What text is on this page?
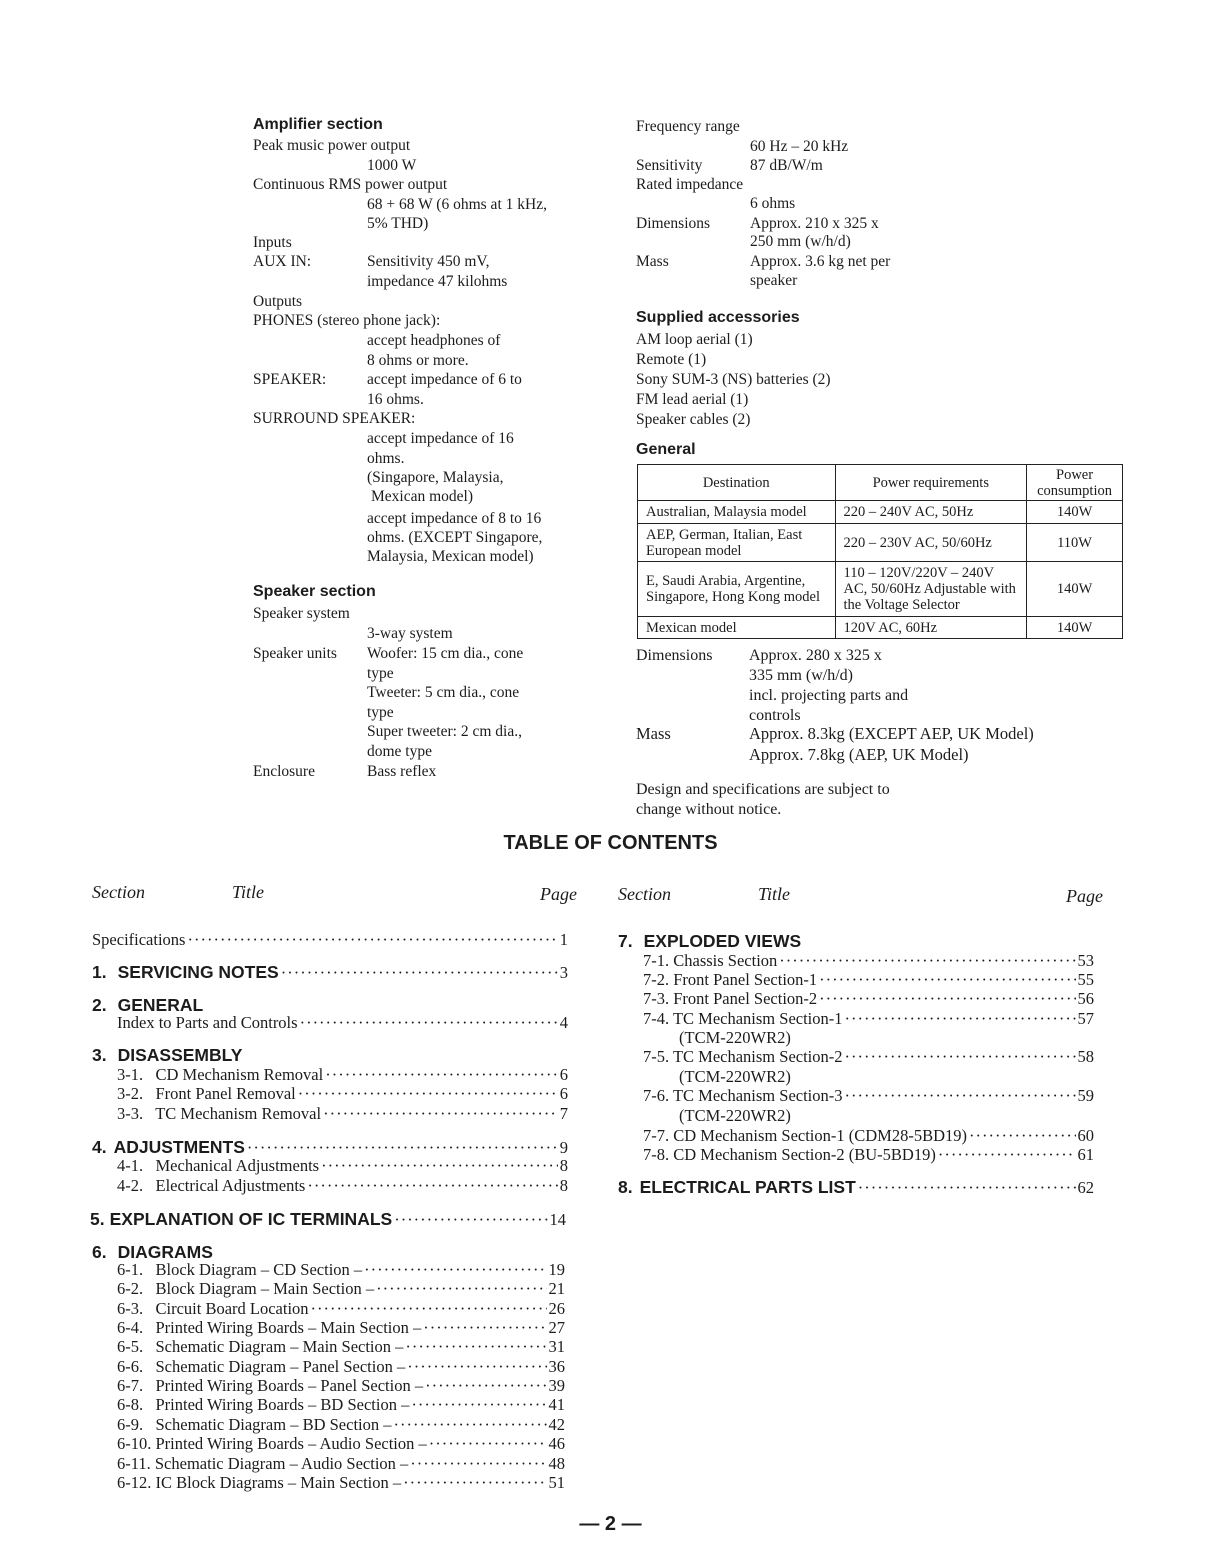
Amplifier section
Peak music power output
1000 W
Continuous RMS power output
68 + 68 W (6 ohms at 1 kHz,
5% THD)
Inputs
AUX IN:	Sensitivity 450 mV,
impedance 47 kilohms
Outputs
PHONES (stereo phone jack):
accept headphones of
8 ohms or more.
SPEAKER:	accept impedance of 6 to
16 ohms.
SURROUND SPEAKER:
accept impedance of 16
ohms.
(Singapore, Malaysia,
Mexican model)
accept impedance of 8 to 16
ohms. (EXCEPT Singapore,
Malaysia, Mexican model)
Speaker section
Speaker system
3-way system
Speaker units Woofer: 15 cm dia., cone
type
Tweeter: 5 cm dia., cone
type
Super tweeter: 2 cm dia.,
dome type
Enclosure	Bass reflex
Frequency range
60 Hz – 20 kHz
Sensitivity	87 dB/W/m
Rated impedance
6 ohms
Dimensions	Approx. 210 x 325 x
250 mm (w/h/d)
Mass	Approx. 3.6 kg net per
speaker
Supplied accessories
AM loop aerial (1)
Remote (1)
Sony SUM-3 (NS) batteries (2)
FM lead aerial (1)
Speaker cables (2)
General
Destination	Power requirements	Power consumption
Australian, Malaysia model	220 – 240V AC, 50Hz	140W
AEP, German, Italian, East European model	220 – 230V AC, 50/60Hz	110W
E, Saudi Arabia, Argentine, Singapore, Hong Kong model	110 – 120V/220V – 240V AC, 50/60Hz Adjustable with the Voltage Selector	140W
Mexican model	120V AC, 60Hz	140W
Dimensions Approx. 280 x 325 x
335 mm (w/h/d)
incl. projecting parts and
controls
Mass	Approx. 8.3kg (EXCEPT AEP, UK Model)
Approx. 7.8kg (AEP, UK Model)
Design and specifications are subject to
change without notice.
TABLE OF CONTENTS
Section	Title	Page Section	Title	Page
Specifications ·····	1
1. SERVICING NOTES ·····	3
2. GENERAL
Index to Parts and Controls ·····	4
3. DISASSEMBLY
3-1.   CD Mechanism Removal ·····	6
3-2.   Front Panel Removal ·····	6
3-3.   TC Mechanism Removal ·····	7
4. ADJUSTMENTS ·····	9
4-1.   Mechanical Adjustments ·····	8
4-2.   Electrical Adjustments ·····	8
5. EXPLANATION OF IC TERMINALS ·····	14
6. DIAGRAMS
6-1.   Block Diagram – CD Section – ·····	19
6-2.   Block Diagram – Main Section – ·····	21
6-3.   Circuit Board Location ·····	26
6-4.   Printed Wiring Boards – Main Section – ·····	27
6-5.   Schematic Diagram – Main Section – ·····	31
6-6.   Schematic Diagram – Panel Section – ·····	36
6-7.   Printed Wiring Boards – Panel Section – ·····	39
6-8.   Printed Wiring Boards – BD Section – ·····	41
6-9.   Schematic Diagram – BD Section – ·····	42
6-10. Printed Wiring Boards – Audio Section – ·····	46
6-11. Schematic Diagram – Audio Section – ·····	48
6-12. IC Block Diagrams – Main Section – ·····	51
7. EXPLODED VIEWS
7-1. Chassis Section ·····	53
7-2. Front Panel Section-1 ·····	55
7-3. Front Panel Section-2 ·····	56
7-4. TC Mechanism Section-1 ·····	57
(TCM-220WR2)
7-5. TC Mechanism Section-2 ·····	58
(TCM-220WR2)
7-6. TC Mechanism Section-3 ·····	59
(TCM-220WR2)
7-7. CD Mechanism Section-1 (CDM28-5BD19) ·····	60
7-8. CD Mechanism Section-2 (BU-5BD19) ·····	61
8. ELECTRICAL PARTS LIST ·····	62
— 2 —
